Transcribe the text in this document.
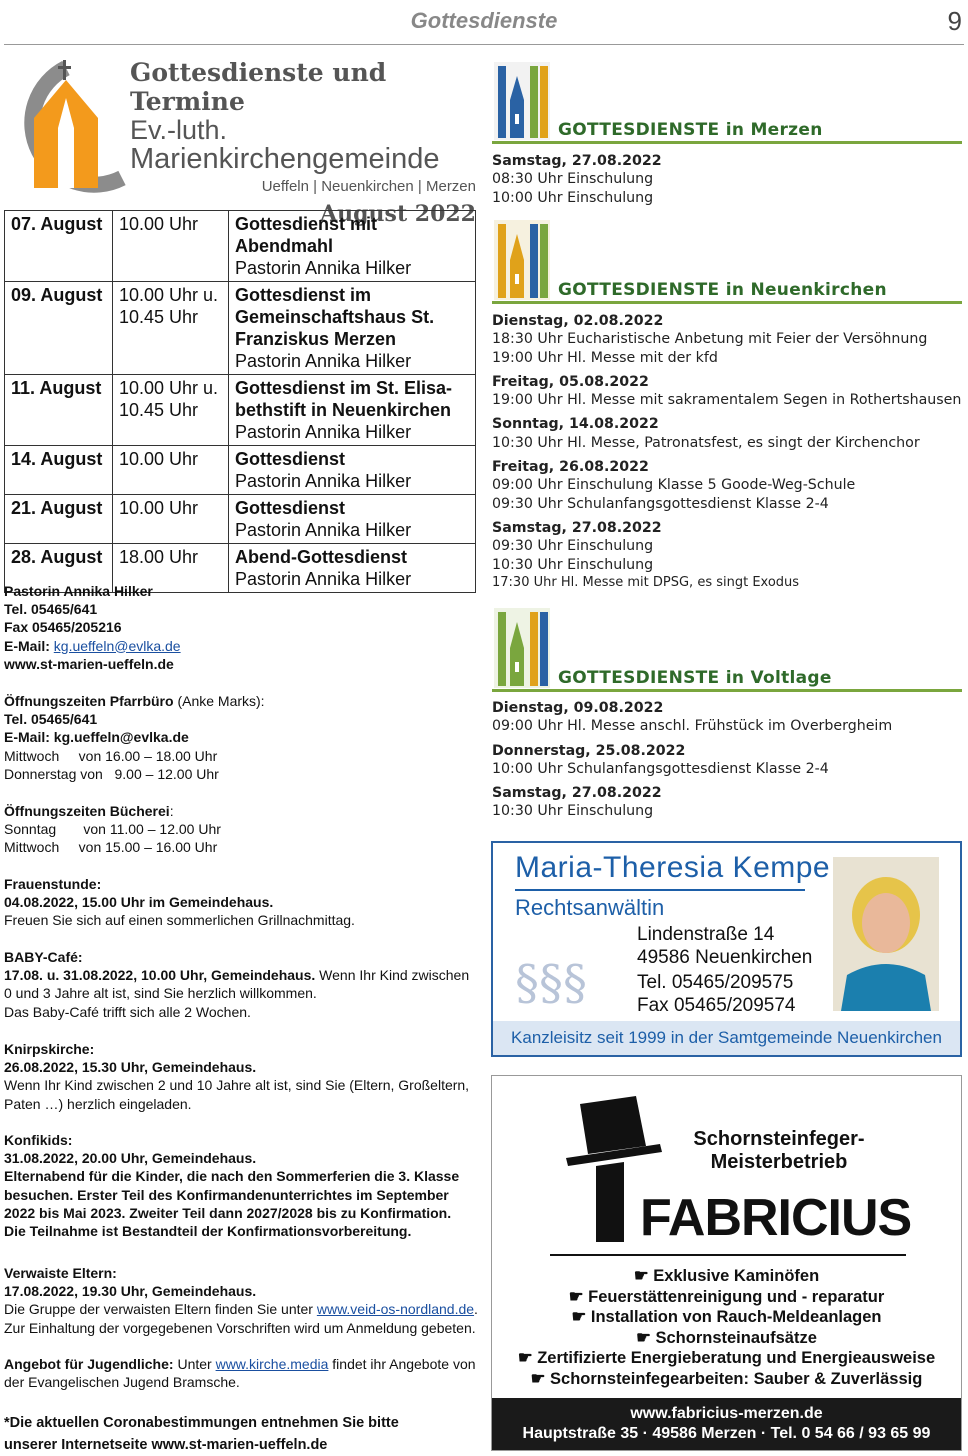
Gottesdienste	9
Gottesdienste und Termine
Ev.-luth.
Marienkirchengemeinde
Ueffeln | Neuenkirchen | Merzen
August 2022
07. August	10.00 Uhr	Gottesdienst mit Abendmahl
Pastorin Annika Hilker

09. August	10.00 Uhr u. 10.45 Uhr	Gottesdienst im Gemeinschaftshaus St. Franziskus Merzen
Pastorin Annika Hilker

11. August	10.00 Uhr u. 10.45 Uhr	Gottesdienst im St. Elisa-bethstift in Neuenkirchen
Pastorin Annika Hilker

14. August	10.00 Uhr	Gottesdienst
Pastorin Annika Hilker

21. August	10.00 Uhr	Gottesdienst
Pastorin Annika Hilker

28. August	18.00 Uhr	Abend-Gottesdienst
Pastorin Annika Hilker
Pastorin Annika Hilker
Tel. 05465/641
Fax 05465/205216
E-Mail: kg.ueffeln@evlka.de
www.st-marien-ueffeln.de
Öffnungszeiten Pfarrbüro (Anke Marks):
Tel. 05465/641
E-Mail: kg.ueffeln@evlka.de
Mittwoch     von 16.00 – 18.00 Uhr
Donnerstag von   9.00 – 12.00 Uhr
Öffnungszeiten Bücherei:
Sonntag       von 11.00 – 12.00 Uhr
Mittwoch     von 15.00 – 16.00 Uhr
Frauenstunde:
04.08.2022, 15.00 Uhr im Gemeindehaus.
Freuen Sie sich auf einen sommerlichen Grillnachmittag.
BABY-Café:
17.08. u. 31.08.2022, 10.00 Uhr, Gemeindehaus. Wenn Ihr Kind zwischen 0 und 3 Jahre alt ist, sind Sie herzlich willkommen.
Das Baby-Café trifft sich alle 2 Wochen.
Knirpskirche:
26.08.2022, 15.30 Uhr, Gemeindehaus.
Wenn Ihr Kind zwischen 2 und 10 Jahre alt ist, sind Sie (Eltern, Großeltern, Paten …) herzlich eingeladen.
Konfikids:
31.08.2022, 20.00 Uhr, Gemeindehaus.
Elternabend für die Kinder, die nach den Sommerferien die 3. Klasse besuchen. Erster Teil des Konfirmandenunterrichtes im September 2022 bis Mai 2023. Zweiter Teil dann 2027/2028 bis zu Konfirmation.
Die Teilnahme ist Bestandteil der Konfirmationsvorbereitung.
Verwaiste Eltern:
17.08.2022, 19.30 Uhr, Gemeindehaus.
Die Gruppe der verwaisten Eltern finden Sie unter www.veid-os-nordland.de.
Zur Einhaltung der vorgegebenen Vorschriften wird um Anmeldung gebeten.
Angebot für Jugendliche: Unter www.kirche.media findet ihr Angebote von der Evangelischen Jugend Bramsche.
*Die aktuellen Coronabestimmungen entnehmen Sie bitte
unserer Internetseite www.st-marien-ueffeln.de
GOTTESDIENSTE in Merzen
Samstag, 27.08.2022
08:30 Uhr Einschulung
10:00 Uhr Einschulung
GOTTESDIENSTE in Neuenkirchen
Dienstag, 02.08.2022
18:30 Uhr Eucharistische Anbetung mit Feier der Versöhnung
19:00 Uhr Hl. Messe mit der kfd
Freitag, 05.08.2022
19:00 Uhr Hl. Messe mit sakramentalem Segen in Rothertshausen
Sonntag, 14.08.2022
10:30 Uhr Hl. Messe, Patronatsfest, es singt der Kirchenchor
Freitag, 26.08.2022
09:00 Uhr Einschulung Klasse 5 Goode-Weg-Schule
09:30 Uhr Schulanfangsgottesdienst Klasse 2-4
Samstag, 27.08.2022
09:30 Uhr Einschulung
10:30 Uhr Einschulung
17:30 Uhr Hl. Messe mit DPSG, es singt Exodus
GOTTESDIENSTE in Voltlage
Dienstag, 09.08.2022
09:00 Uhr Hl. Messe anschl. Frühstück im Overbergheim
Donnerstag, 25.08.2022
10:00 Uhr Schulanfangsgottesdienst Klasse 2-4
Samstag, 27.08.2022
10:30 Uhr Einschulung
Maria-Theresia Kempe
Rechtsanwältin
Lindenstraße 14
49586 Neuenkirchen
Tel. 05465/209575
Fax 05465/209574
§§§
Kanzleisitz seit 1999 in der Samtgemeinde Neuenkirchen
Schornsteinfeger-
Meisterbetrieb
FABRICIUS
☛ Exklusive Kaminöfen
☛ Feuerstättenreinigung und - reparatur
☛ Installation von Rauch-Meldeanlagen
☛ Schornsteinaufsätze
☛ Zertifizierte Energieberatung und Energieausweise
☛ Schornsteinfegearbeiten: Sauber & Zuverlässig
www.fabricius-merzen.de
Hauptstraße 35 · 49586 Merzen · Tel. 0 54 66 / 93 65 99
